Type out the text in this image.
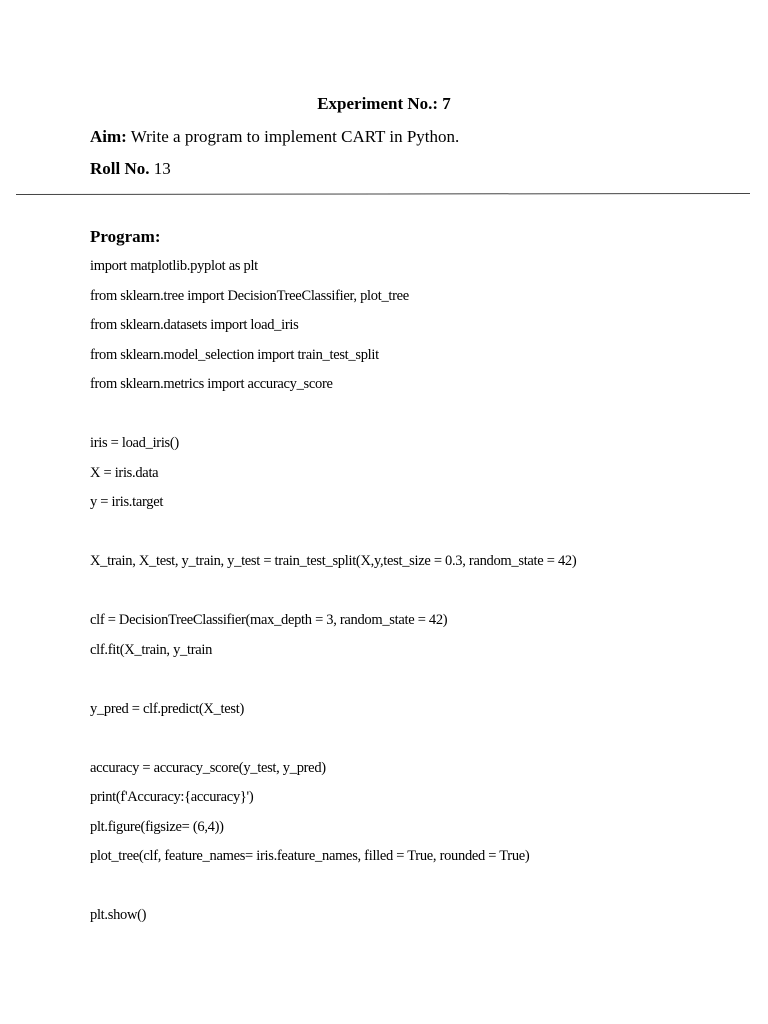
Experiment No.: 7
Aim: Write a program to implement CART in Python.
Roll No. 13
Program:
import matplotlib.pyplot as plt
from sklearn.tree import DecisionTreeClassifier, plot_tree
from sklearn.datasets import load_iris
from sklearn.model_selection import train_test_split
from sklearn.metrics import accuracy_score
iris = load_iris()
X = iris.data
y = iris.target
X_train, X_test, y_train, y_test = train_test_split(X,y,test_size = 0.3, random_state = 42)
clf = DecisionTreeClassifier(max_depth = 3, random_state = 42)
clf.fit(X_train, y_train
y_pred = clf.predict(X_test)
accuracy = accuracy_score(y_test, y_pred)
print(f'Accuracy:{accuracy}')
plt.figure(figsize= (6,4))
plot_tree(clf, feature_names= iris.feature_names, filled = True, rounded = True)
plt.show()
